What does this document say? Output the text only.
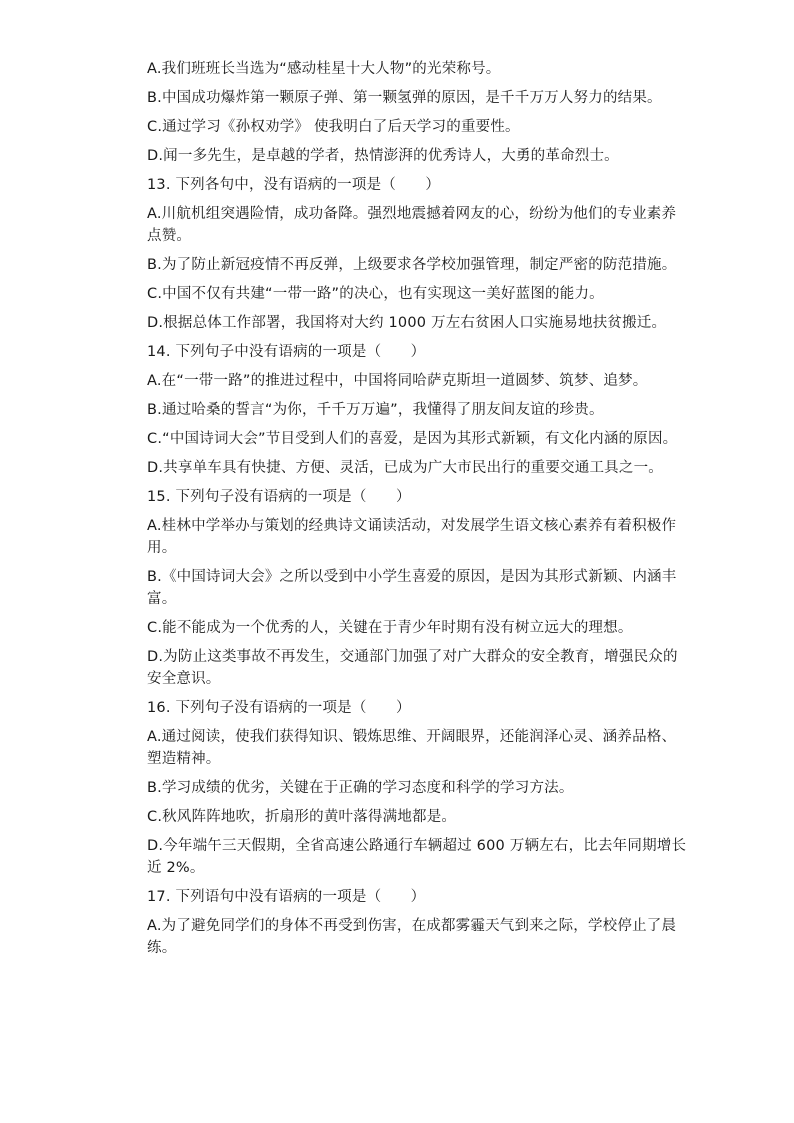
A.我们班班长当选为“感动桂星十大人物”的光荣称号。

B.中国成功爆炸第一颗原子弹、第一颗氢弹的原因，是千千万万人努力的结果。

C.通过学习《孙权劝学》 使我明白了后天学习的重要性。

D.闻一多先生，是卓越的学者，热情澎湃的优秀诗人，大勇的革命烈士。

13. 下列各句中，没有语病的一项是（　　）

A.川航机组突遇险情，成功备降。强烈地震撼着网友的心，纷纷为他们的专业素养点赞。

B.为了防止新冠疫情不再反弹，上级要求各学校加强管理，制定严密的防范措施。

C.中国不仅有共建“一带一路”的决心，也有实现这一美好蓝图的能力。

D.根据总体工作部署，我国将对大约 1000 万左右贫困人口实施易地扶贫搬迁。

14. 下列句子中没有语病的一项是（　　）

A.在“一带一路”的推进过程中，中国将同哈萨克斯坦一道圆梦、筑梦、追梦。

B.通过哈桑的誓言“为你，千千万万遍”，我懂得了朋友间友谊的珍贵。

C.“中国诗词大会”节目受到人们的喜爱，是因为其形式新颖，有文化内涵的原因。

D.共享单车具有快捷、方便、灵活，已成为广大市民出行的重要交通工具之一。

15. 下列句子没有语病的一项是（　　）

A.桂林中学举办与策划的经典诗文诵读活动，对发展学生语文核心素养有着积极作用。

B.《中国诗词大会》之所以受到中小学生喜爱的原因，是因为其形式新颖、内涵丰富。

C.能不能成为一个优秀的人，关键在于青少年时期有没有树立远大的理想。

D.为防止这类事故不再发生，交通部门加强了对广大群众的安全教育，增强民众的安全意识。

16. 下列句子没有语病的一项是（　　）

A.通过阅读，使我们获得知识、锻炼思维、开阔眼界，还能润泽心灵、涵养品格、塑造精神。

B.学习成绩的优劣，关键在于正确的学习态度和科学的学习方法。

C.秋风阵阵地吹，折扇形的黄叶落得满地都是。

D.今年端午三天假期，全省高速公路通行车辆超过 600 万辆左右，比去年同期增长近 2%。

17. 下列语句中没有语病的一项是（　　）

A.为了避免同学们的身体不再受到伤害，在成都雾霾天气到来之际，学校停止了晨练。
